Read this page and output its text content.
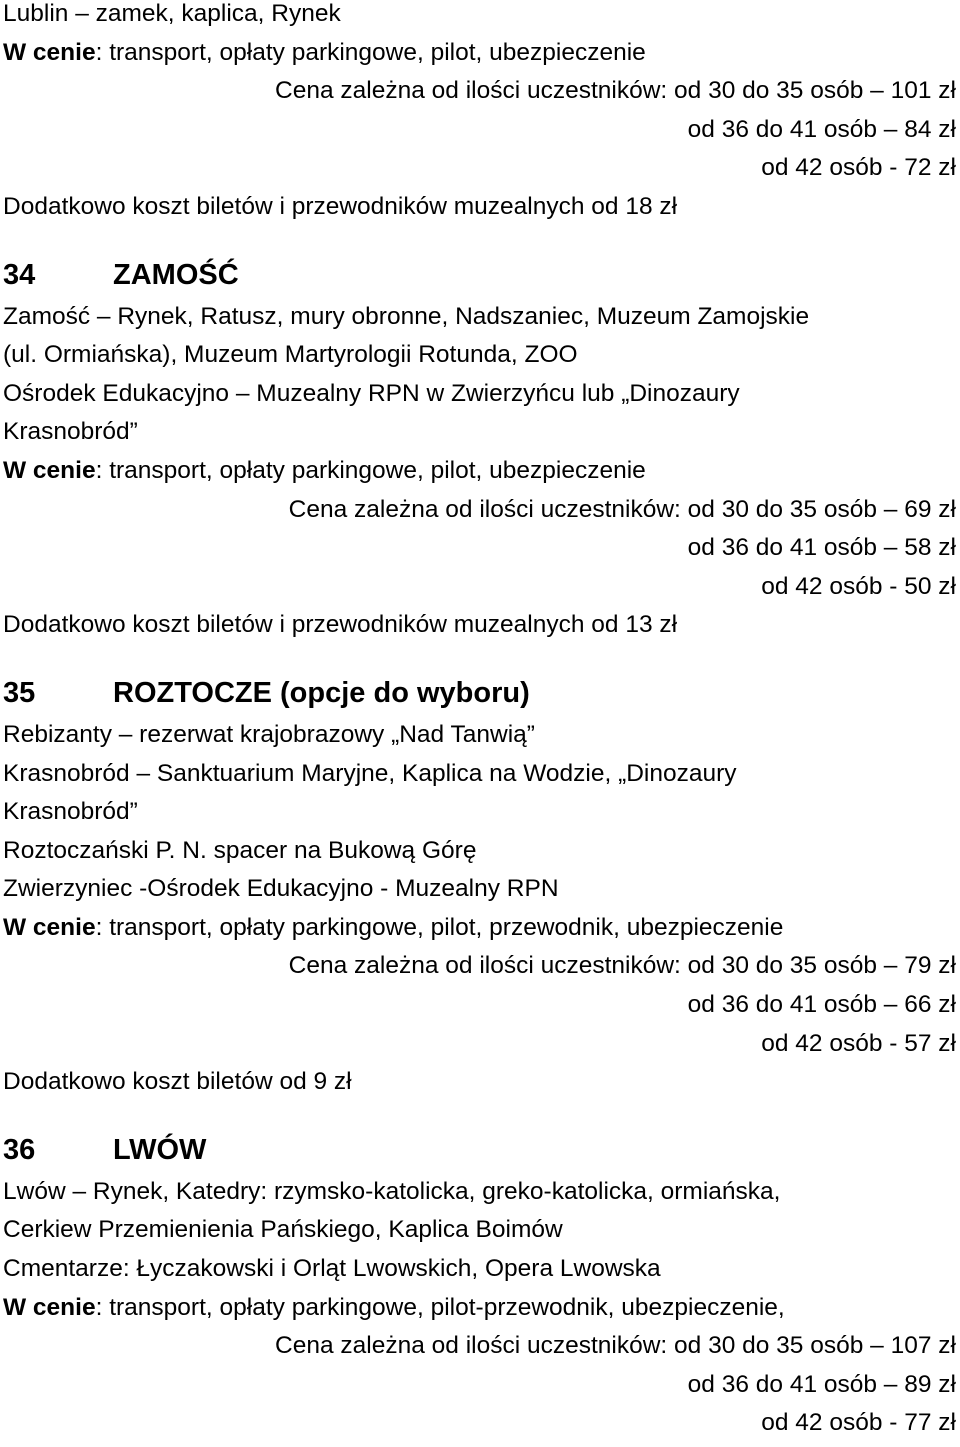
Lublin – zamek, kaplica, Rynek
W cenie: transport, opłaty parkingowe, pilot, ubezpieczenie
Cena zależna od ilości uczestników: od 30 do 35 osób – 101 zł
od 36 do 41 osób – 84 zł
od 42 osób - 72 zł
Dodatkowo koszt biletów i przewodników muzealnych od 18 zł
34	ZAMOŚĆ
Zamość – Rynek, Ratusz, mury obronne, Nadszaniec, Muzeum Zamojskie
(ul. Ormiańska), Muzeum Martyrologii Rotunda, ZOO
Ośrodek Edukacyjno – Muzealny RPN w Zwierzyńcu lub „Dinozaury
Krasnobród”
W cenie: transport, opłaty parkingowe, pilot, ubezpieczenie
Cena zależna od ilości uczestników: od 30 do 35 osób – 69 zł
od 36 do 41 osób – 58 zł
od 42 osób - 50 zł
Dodatkowo koszt biletów i przewodników muzealnych od 13 zł
35	ROZTOCZE (opcje do wyboru)
Rebizanty – rezerwat krajobrazowy „Nad Tanwią”
Krasnobród – Sanktuarium Maryjne, Kaplica na Wodzie, „Dinozaury
Krasnobród”
Roztoczański P. N. spacer na Bukową Górę
Zwierzyniec -Ośrodek Edukacyjno - Muzealny RPN
W cenie: transport, opłaty parkingowe, pilot, przewodnik, ubezpieczenie
Cena zależna od ilości uczestników: od 30 do 35 osób – 79 zł
od 36 do 41 osób – 66 zł
od 42 osób - 57 zł
Dodatkowo koszt biletów od 9 zł
36	LWÓW
Lwów – Rynek, Katedry: rzymsko-katolicka, greko-katolicka, ormiańska,
Cerkiew Przemienienia Pańskiego, Kaplica Boimów
Cmentarze: Łyczakowski i Orląt Lwowskich, Opera Lwowska
W cenie: transport, opłaty parkingowe, pilot-przewodnik, ubezpieczenie,
Cena zależna od ilości uczestników: od 30 do 35 osób – 107 zł
od 36 do 41 osób – 89 zł
od 42 osób - 77 zł
